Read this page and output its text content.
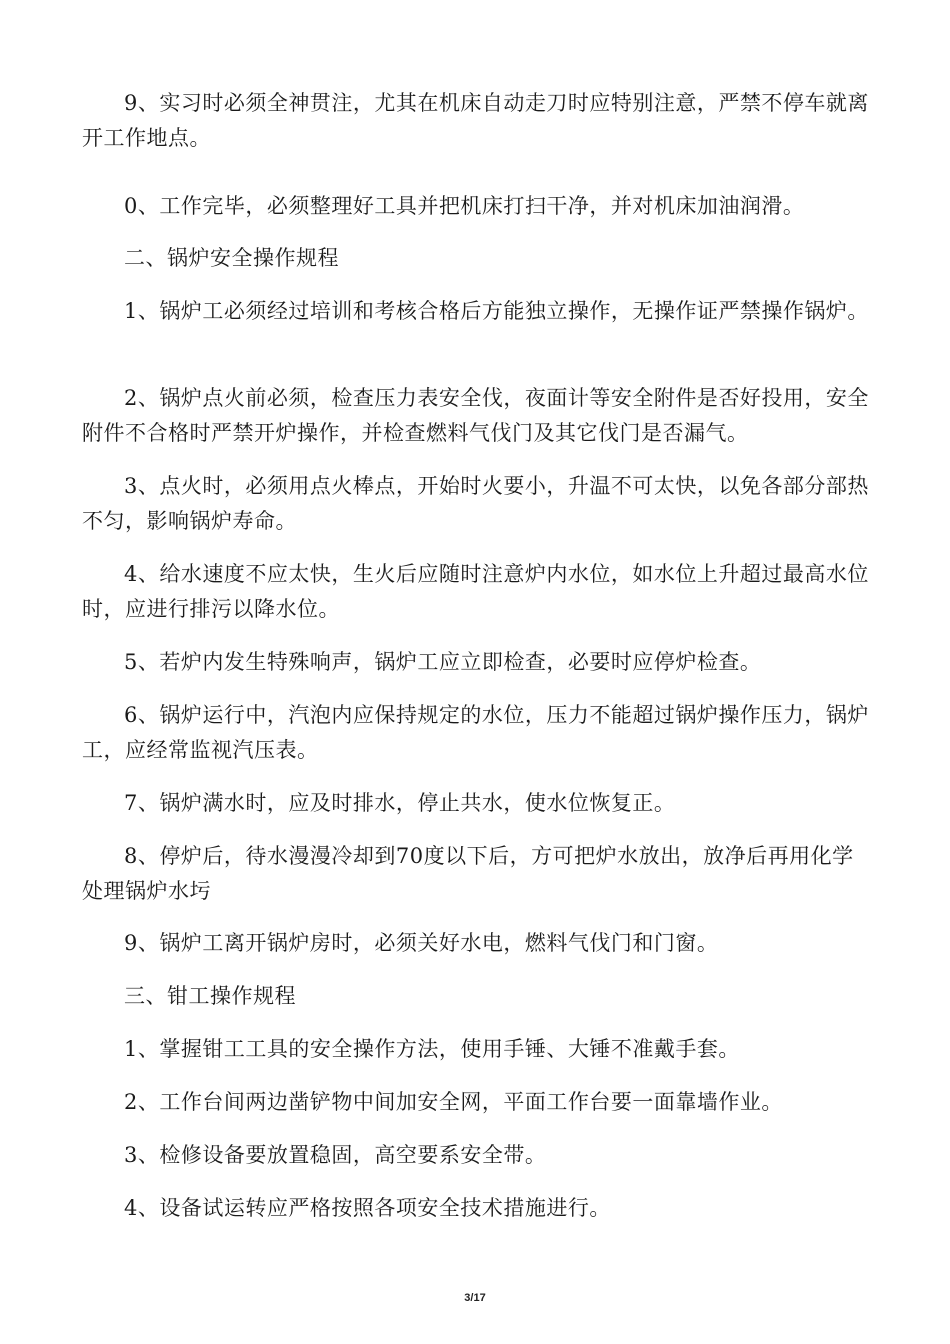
9、实习时必须全神贯注，尤其在机床自动走刀时应特别注意，严禁不停车就离开工作地点。

0、工作完毕，必须整理好工具并把机床打扫干净，并对机床加油润滑。

二、锅炉安全操作规程

1、锅炉工必须经过培训和考核合格后方能独立操作，无操作证严禁操作锅炉。

2、锅炉点火前必须，检查压力表安全伐，夜面计等安全附件是否好投用，安全附件不合格时严禁开炉操作，并检查燃料气伐门及其它伐门是否漏气。

3、点火时，必须用点火棒点，开始时火要小，升温不可太快，以免各部分部热不匀，影响锅炉寿命。

4、给水速度不应太快，生火后应随时注意炉内水位，如水位上升超过最高水位时，应进行排污以降水位。

5、若炉内发生特殊响声，锅炉工应立即检查，必要时应停炉检查。

6、锅炉运行中，汽泡内应保持规定的水位，压力不能超过锅炉操作压力，锅炉工，应经常监视汽压表。

7、锅炉满水时，应及时排水，停止共水，使水位恢复正。

8、停炉后，待水漫漫冷却到70度以下后，方可把炉水放出，放净后再用化学处理锅炉水圬

9、锅炉工离开锅炉房时，必须关好水电，燃料气伐门和门窗。

三、钳工操作规程

1、掌握钳工工具的安全操作方法，使用手锤、大锤不准戴手套。

2、工作台间两边凿铲物中间加安全网，平面工作台要一面靠墙作业。

3、检修设备要放置稳固，高空要系安全带。

4、设备试运转应严格按照各项安全技术措施进行。

3/17
